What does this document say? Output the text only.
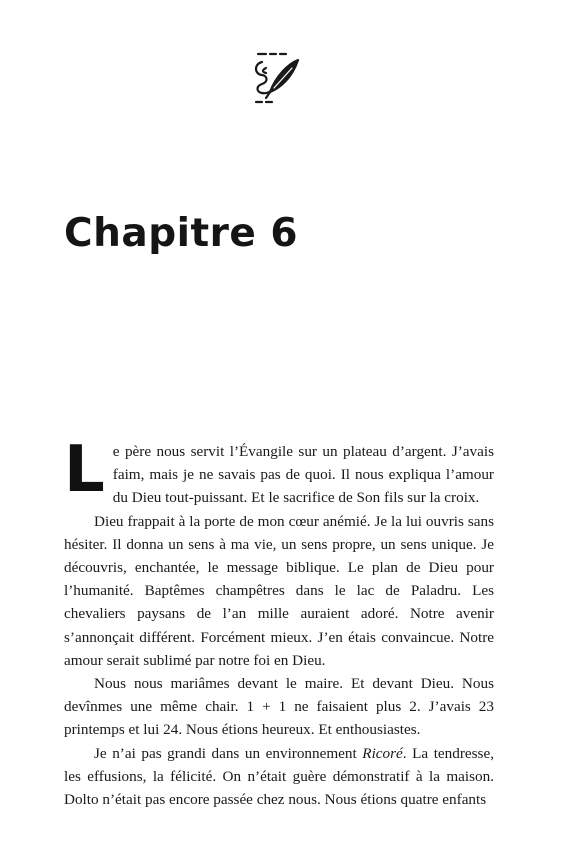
Chapitre 6

Le père nous servit l’Évangile sur un plateau d’argent. J’avais faim, mais je ne savais pas de quoi. Il nous expliqua l’amour du Dieu tout-puissant. Et le sacrifice de Son fils sur la croix.

Dieu frappait à la porte de mon cœur anémié. Je la lui ouvris sans hésiter. Il donna un sens à ma vie, un sens propre, un sens unique. Je découvris, enchantée, le message biblique. Le plan de Dieu pour l’humanité. Baptêmes champêtres dans le lac de Paladru. Les chevaliers paysans de l’an mille auraient adoré. Notre avenir s’annonçait différent. Forcément mieux. J’en étais convaincue. Notre amour serait sublimé par notre foi en Dieu.

Nous nous mariâmes devant le maire. Et devant Dieu. Nous devînmes une même chair. 1 + 1 ne faisaient plus 2. J’avais 23 printemps et lui 24. Nous étions heureux. Et enthousiastes.

Je n’ai pas grandi dans un environnement Ricoré. La tendresse, les effusions, la félicité. On n’était guère démonstratif à la maison. Dolto n’était pas encore passée chez nous. Nous étions quatre enfants
